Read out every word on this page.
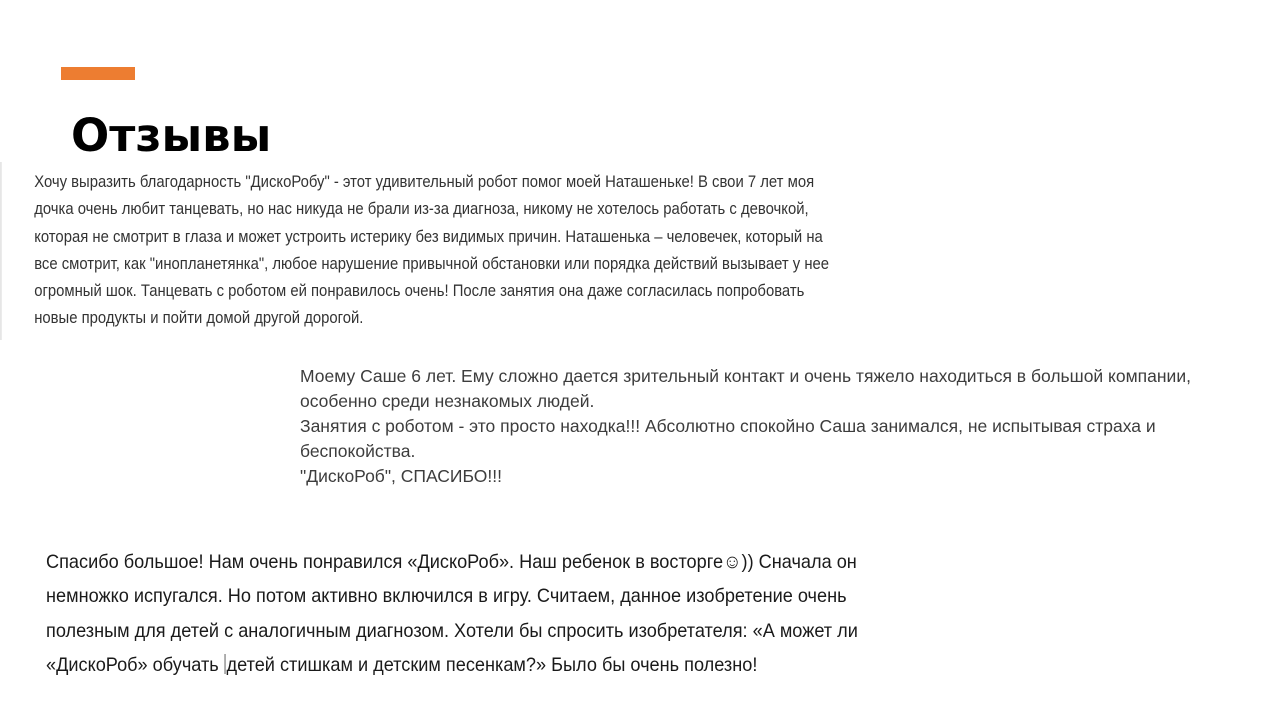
Отзывы
Хочу выразить благодарность "ДискоРобу" - этот удивительный робот помог моей Наташеньке! В свои 7 лет моя
дочка очень любит танцевать, но нас никуда не брали из-за диагноза, никому не хотелось работать с девочкой,
которая не смотрит в глаза и может устроить истерику без видимых причин. Наташенька – человечек, который на
все смотрит, как "инопланетянка", любое нарушение привычной обстановки или порядка действий вызывает у нее
огромный шок. Танцевать с роботом ей понравилось очень! После занятия она даже согласилась попробовать
новые продукты и пойти домой другой дорогой.
Моему Саше 6 лет. Ему сложно дается зрительный контакт и очень тяжело находиться в большой компании,
особенно среди незнакомых людей.
Занятия с роботом - это просто находка!!! Абсолютно спокойно Саша занимался, не испытывая страха и
беспокойства.
"ДискоРоб", СПАСИБО!!!
Спасибо большое! Нам очень понравился «ДискоРоб». Наш ребенок в восторге☺)) Сначала он
немножко испугался. Но потом активно включился в игру. Считаем, данное изобретение очень
полезным для детей с аналогичным диагнозом. Хотели бы спросить изобретателя: «А может ли
«ДискоРоб» обучать детей стишкам и детским песенкам?» Было бы очень полезно!
